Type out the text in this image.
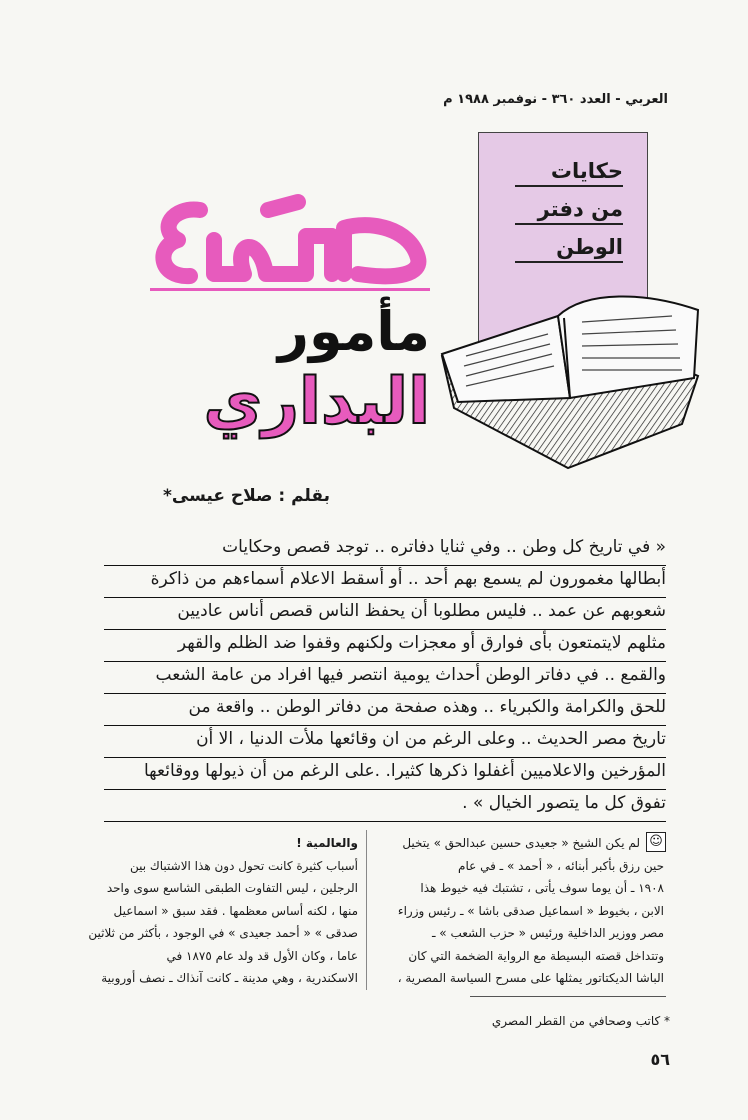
العربي - العدد ٣٦٠ - نوفمبر ١٩٨٨ م
حكايات
من دفتر
الوطن
مأمور
البداري
بقلم : صلاح عيسى*
« في تاريخ كل وطن .. وفي ثنايا دفاتره .. توجد قصص وحكايات
أبطالها مغمورون لم يسمع بهم أحد .. أو أسقط الاعلام أسماءهم من ذاكرة
شعوبهم عن عمد .. فليس مطلوبا أن يحفظ الناس قصص أناس عاديين
مثلهم لايتمتعون بأى فوارق أو معجزات ولكنهم وقفوا ضد الظلم والقهر
والقمع .. في دفاتر الوطن أحداث يومية انتصر فيها افراد من عامة الشعب
للحق والكرامة والكبرياء .. وهذه صفحة من دفاتر الوطن .. واقعة من
تاريخ مصر الحديث .. وعلى الرغم من ان وقائعها ملأت الدنيا ، الا أن
المؤرخين والاعلاميين أغفلوا ذكرها كثيرا. .على الرغم من أن ذيولها ووقائعها
تفوق كل ما يتصور الخيال » .
☺
لم يكن الشيخ « جعيدى حسين عبدالحق » يتخيل
حين رزق بأكبر أبنائه ، « أحمد » ـ في عام
١٩٠٨ ـ أن يوما سوف يأتى ، تشتبك فيه خيوط هذا
الابن ، بخيوط « اسماعيل صدقى باشا » ـ رئيس وزراء
مصر ووزير الداخلية ورئيس « حزب الشعب » ـ
وتتداخل قصته البسيطة مع الرواية الضخمة التي كان
الباشا الديكتاتور يمثلها على مسرح السياسة المصرية ،
والعالمية !
أسباب كثيرة كانت تحول دون هذا الاشتباك بين
الرجلين ، ليس التفاوت الطبقى الشاسع سوى واحد
منها ، لكنه أساس معظمها . فقد سبق « اسماعيل
صدقى » « أحمد جعيدى » في الوجود ، بأكثر من ثلاثين
عاما ، وكان الأول قد ولد عام ١٨٧٥ في
الاسكندرية ، وهي مدينة ـ كانت آنذاك ـ نصف أوروبية
* كاتب وصحافي من القطر المصري
٥٦
